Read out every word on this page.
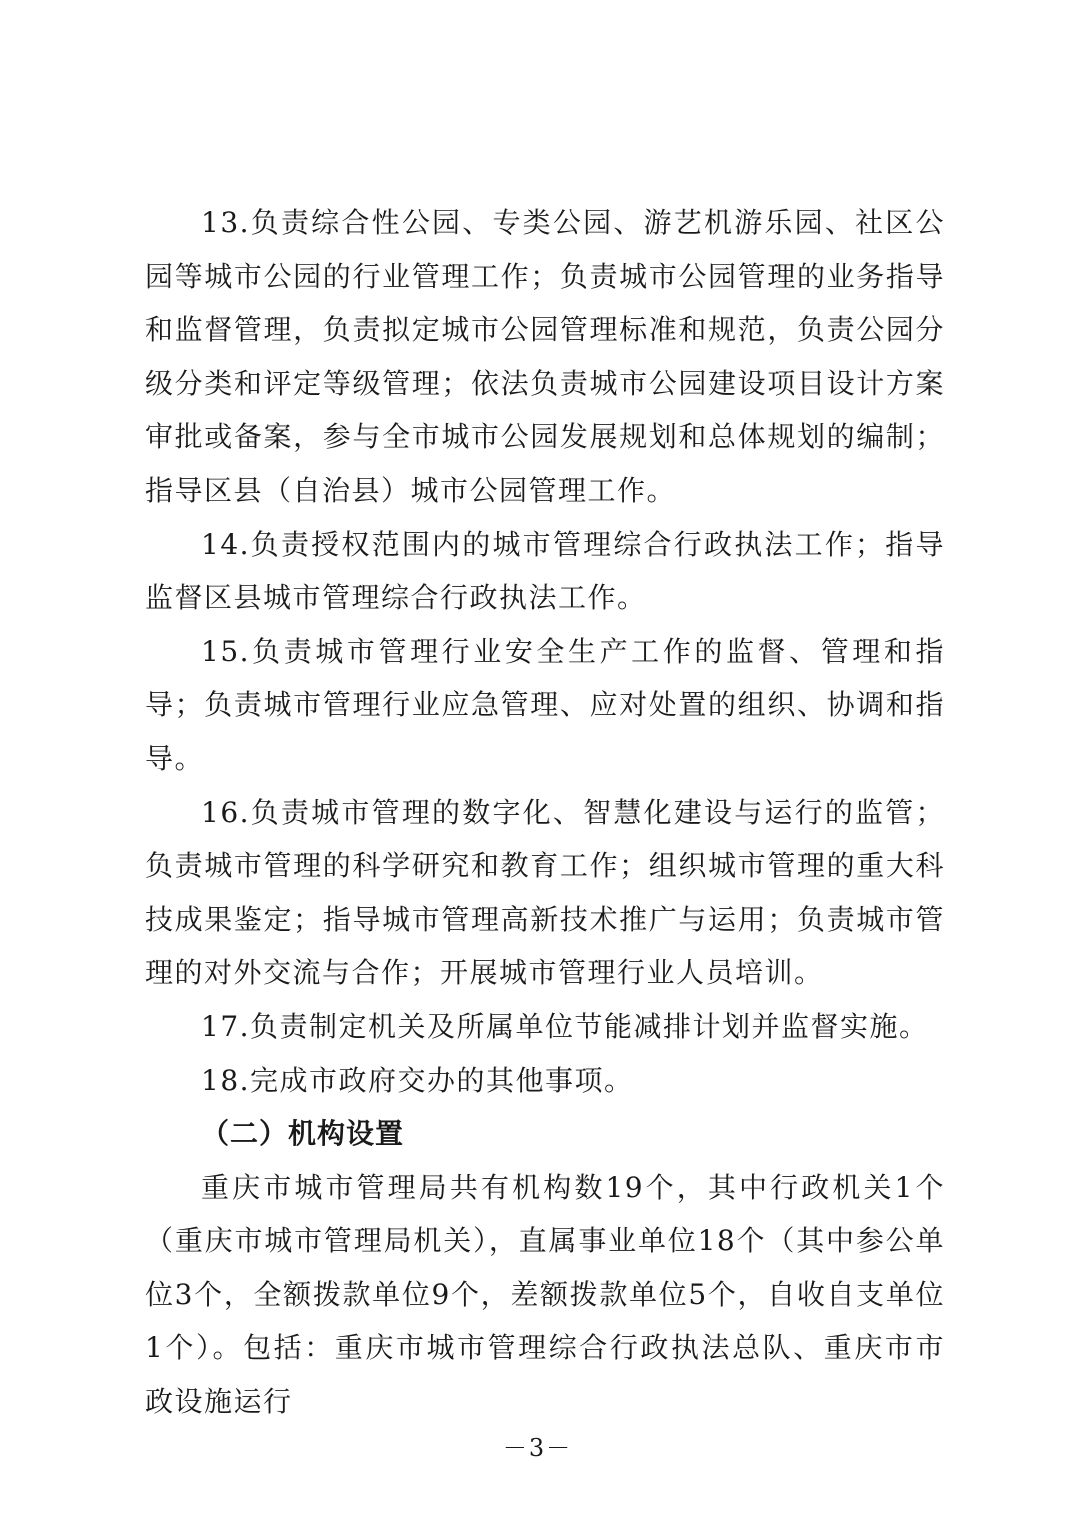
13.负责综合性公园、专类公园、游艺机游乐园、社区公园等城市公园的行业管理工作；负责城市公园管理的业务指导和监督管理，负责拟定城市公园管理标准和规范，负责公园分级分类和评定等级管理；依法负责城市公园建设项目设计方案审批或备案，参与全市城市公园发展规划和总体规划的编制；指导区县（自治县）城市公园管理工作。

14.负责授权范围内的城市管理综合行政执法工作；指导监督区县城市管理综合行政执法工作。

15.负责城市管理行业安全生产工作的监督、管理和指导；负责城市管理行业应急管理、应对处置的组织、协调和指导。

16.负责城市管理的数字化、智慧化建设与运行的监管；负责城市管理的科学研究和教育工作；组织城市管理的重大科技成果鉴定；指导城市管理高新技术推广与运用；负责城市管理的对外交流与合作；开展城市管理行业人员培训。

17.负责制定机关及所属单位节能减排计划并监督实施。

18.完成市政府交办的其他事项。

（二）机构设置

重庆市城市管理局共有机构数19个，其中行政机关1个（重庆市城市管理局机关），直属事业单位18个（其中参公单位3个，全额拨款单位9个，差额拨款单位5个，自收自支单位1个）。包括：重庆市城市管理综合行政执法总队、重庆市市政设施运行

－3－
